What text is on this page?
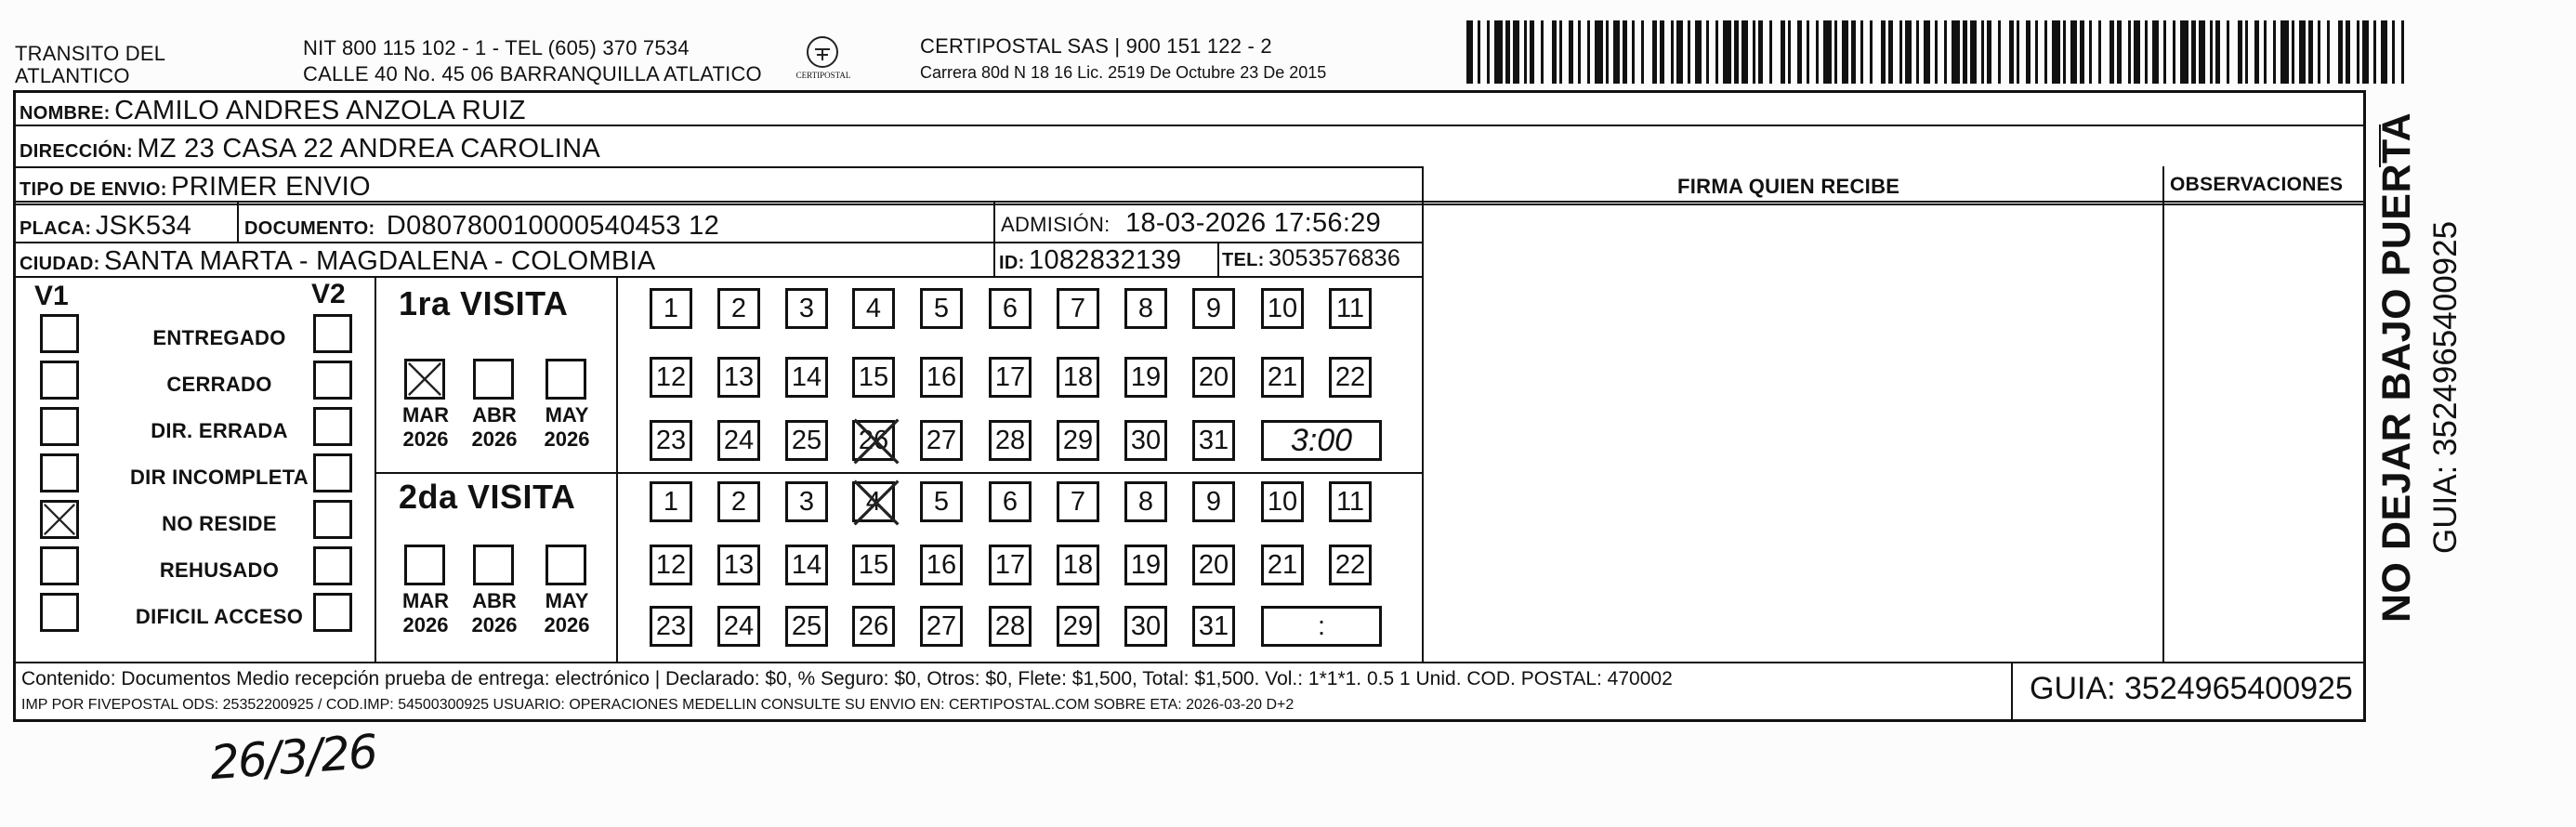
TRANSITO DEL
ATLANTICO
NIT 800 115 102 - 1 - TEL (605) 370 7534
CALLE 40 No. 45 06 BARRANQUILLA ATLATICO	CERTIPOSTAL
CERTIPOSTAL SAS | 900 151 122 - 2
Carrera 80d N 18 16 Lic. 2519 De Octubre 23 De 2015
NOMBRE: CAMILO ANDRES ANZOLA RUIZ
DIRECCIÓN: MZ 23 CASA 22 ANDREA CAROLINA
TIPO DE ENVIO: PRIMER ENVIO	FIRMA QUIEN RECIBE	OBSERVACIONES
PLACA: JSK534	DOCUMENTO: D080780010000540453 12	ADMISIÓN: 18-03-2026 17:56:29
CIUDAD: SANTA MARTA - MAGDALENA - COLOMBIA	ID: 1082832139 TEL: 3053576836
V1	V2
ENTREGADO
CERRADO
DIR. ERRADA
DIR INCOMPLETA
NO RESIDE
REHUSADO
DIFICIL ACCESO
1ra VISITA
2da VISITA
MAR
2026
ABR
2026
MAY
2026
MAR
2026
ABR
2026
MAY
2026
1	2	3	4	5	6	7	8	9	10 11
12 13 14 15 16 17 18 19 20 21 22
23 24 25 26 27 28 29 30 31	3:00
1	2	3	4	5	6	7	8	9	10 11
12 13 14 15 16 17 18 19 20 21 22
23 24 25 26 27 28 29 30 31	:
Contenido: Documentos Medio recepción prueba de entrega: electrónico | Declarado: $0, % Seguro: $0, Otros: $0, Flete: $1,500, Total: $1,500. Vol.: 1*1*1. 0.5 1 Unid. COD. POSTAL: 470002
IMP POR FIVEPOSTAL ODS: 25352200925 / COD.IMP: 54500300925 USUARIO: OPERACIONES MEDELLIN CONSULTE SU ENVIO EN: CERTIPOSTAL.COM SOBRE ETA: 2026-03-20 D+2	GUIA: 3524965400925
NO DEJAR BAJO PUERTA GUIA: 3524965400925
26/3/26
